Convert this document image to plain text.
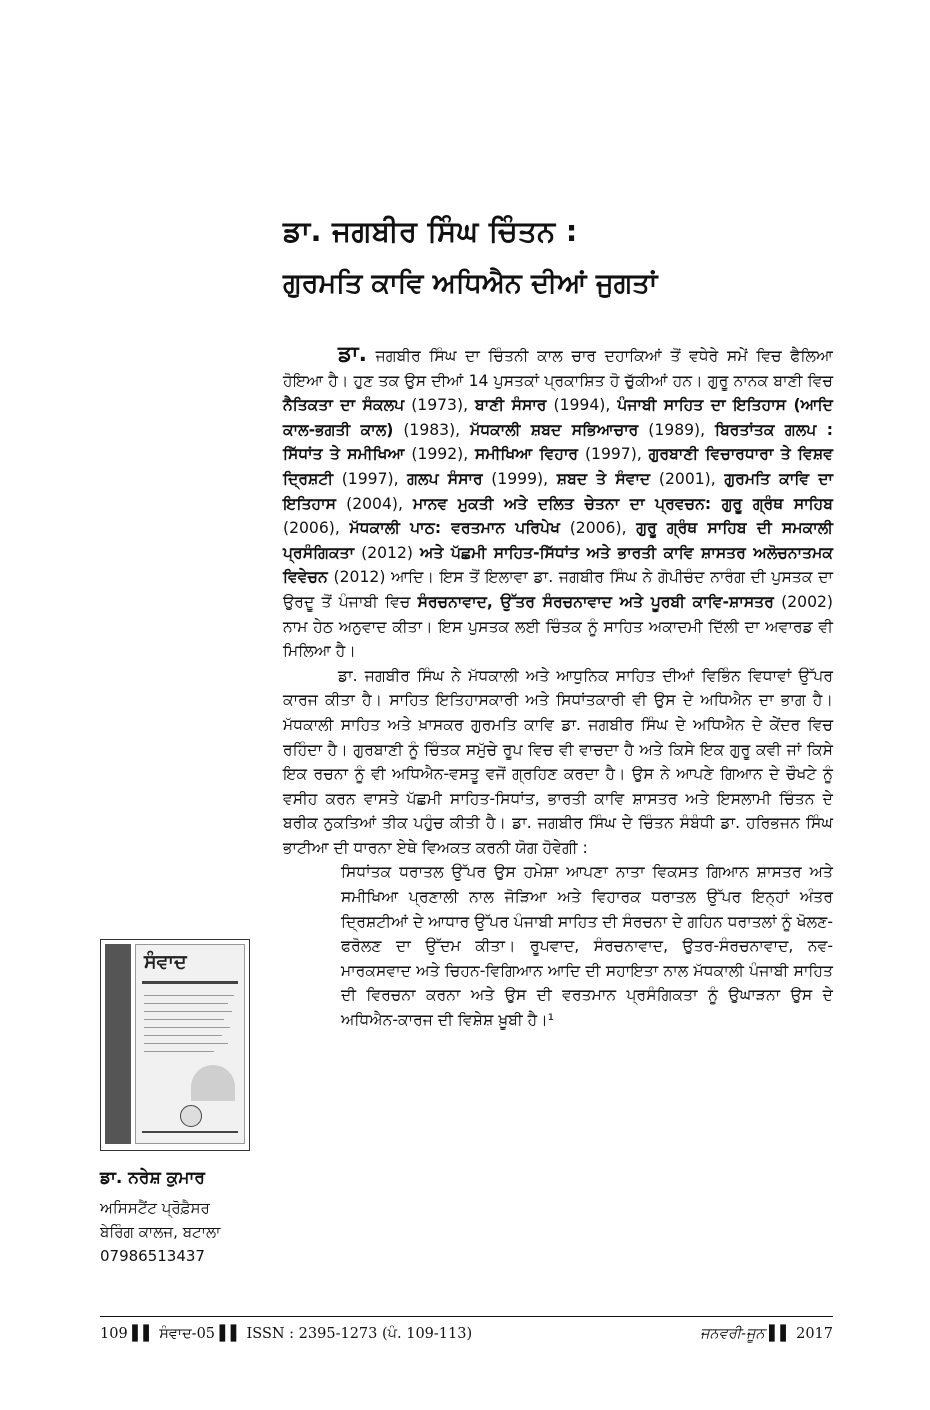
ਡਾ. ਜਗਬੀਰ ਸਿੰਘ ਚਿੰਤਨ :
ਗੁਰਮਤਿ ਕਾਵਿ ਅਧਿਐਨ ਦੀਆਂ ਜੁਗਤਾਂ

ਡਾ. ਜਗਬੀਰ ਸਿੰਘ ਦਾ ਚਿੰਤਨੀ ਕਾਲ ਚਾਰ ਦਹਾਕਿਆਂ ਤੋਂ ਵਧੇਰੇ ਸਮੇਂ ਵਿਚ ਫੈਲਿਆ ਹੋਇਆ ਹੈ। ਹੁਣ ਤਕ ਉਸ ਦੀਆਂ 14 ਪੁਸਤਕਾਂ ਪ੍ਰਕਾਸ਼ਿਤ ਹੋ ਚੁੱਕੀਆਂ ਹਨ। ਗੁਰੂ ਨਾਨਕ ਬਾਣੀ ਵਿਚ ਨੈਤਿਕਤਾ ਦਾ ਸੰਕਲਪ (1973), ਬਾਣੀ ਸੰਸਾਰ (1994), ਪੰਜਾਬੀ ਸਾਹਿਤ ਦਾ ਇਤਿਹਾਸ (ਆਦਿ ਕਾਲ-ਭਗਤੀ ਕਾਲ) (1983), ਮੱਧਕਾਲੀ ਸ਼ਬਦ ਸਭਿਆਚਾਰ (1989), ਬਿਰਤਾਂਤਕ ਗਲਪ : ਸਿੱਧਾਂਤ ਤੇ ਸਮੀਖਿਆ (1992), ਸਮੀਖਿਆ ਵਿਹਾਰ (1997), ਗੁਰਬਾਣੀ ਵਿਚਾਰਧਾਰਾ ਤੇ ਵਿਸ਼ਵ ਦ੍ਰਿਸ਼ਟੀ (1997), ਗਲਪ ਸੰਸਾਰ (1999), ਸ਼ਬਦ ਤੇ ਸੰਵਾਦ (2001), ਗੁਰਮਤਿ ਕਾਵਿ ਦਾ ਇਤਿਹਾਸ (2004), ਮਾਨਵ ਮੁਕਤੀ ਅਤੇ ਦਲਿਤ ਚੇਤਨਾ ਦਾ ਪ੍ਰਵਚਨ: ਗੁਰੂ ਗ੍ਰੰਥ ਸਾਹਿਬ (2006), ਮੱਧਕਾਲੀ ਪਾਠ: ਵਰਤਮਾਨ ਪਰਿਪੇਖ (2006), ਗੁਰੂ ਗ੍ਰੰਥ ਸਾਹਿਬ ਦੀ ਸਮਕਾਲੀ ਪ੍ਰਸੰਗਿਕਤਾ (2012) ਅਤੇ ਪੱਛਮੀ ਸਾਹਿਤ-ਸਿੱਧਾਂਤ ਅਤੇ ਭਾਰਤੀ ਕਾਵਿ ਸ਼ਾਸਤਰ ਅਲੋਚਨਾਤਮਕ ਵਿਵੇਚਨ (2012) ਆਦਿ। ਇਸ ਤੋਂ ਇਲਾਵਾ ਡਾ. ਜਗਬੀਰ ਸਿੰਘ ਨੇ ਗੋਪੀਚੰਦ ਨਾਰੰਗ ਦੀ ਪੁਸਤਕ ਦਾ ਉਰਦੂ ਤੋਂ ਪੰਜਾਬੀ ਵਿਚ ਸੰਰਚਨਾਵਾਦ, ਉੱਤਰ ਸੰਰਚਨਾਵਾਦ ਅਤੇ ਪੂਰਬੀ ਕਾਵਿ-ਸ਼ਾਸਤਰ (2002) ਨਾਮ ਹੇਠ ਅਨੁਵਾਦ ਕੀਤਾ। ਇਸ ਪੁਸਤਕ ਲਈ ਚਿੰਤਕ ਨੂੰ ਸਾਹਿਤ ਅਕਾਦਮੀ ਦਿੱਲੀ ਦਾ ਅਵਾਰਡ ਵੀ ਮਿਲਿਆ ਹੈ।

ਡਾ. ਜਗਬੀਰ ਸਿੰਘ ਨੇ ਮੱਧਕਾਲੀ ਅਤੇ ਆਧੁਨਿਕ ਸਾਹਿਤ ਦੀਆਂ ਵਿਭਿੰਨ ਵਿਧਾਵਾਂ ਉੱਪਰ ਕਾਰਜ ਕੀਤਾ ਹੈ। ਸਾਹਿਤ ਇਤਿਹਾਸਕਾਰੀ ਅਤੇ ਸਿਧਾਂਤਕਾਰੀ ਵੀ ਉਸ ਦੇ ਅਧਿਐਨ ਦਾ ਭਾਗ ਹੈ। ਮੱਧਕਾਲੀ ਸਾਹਿਤ ਅਤੇ ਖ਼ਾਸਕਰ ਗੁਰਮਤਿ ਕਾਵਿ ਡਾ. ਜਗਬੀਰ ਸਿੰਘ ਦੇ ਅਧਿਐਨ ਦੇ ਕੇਂਦਰ ਵਿਚ ਰਹਿੰਦਾ ਹੈ। ਗੁਰਬਾਣੀ ਨੂੰ ਚਿੰਤਕ ਸਮੁੱਚੇ ਰੂਪ ਵਿਚ ਵੀ ਵਾਚਦਾ ਹੈ ਅਤੇ ਕਿਸੇ ਇਕ ਗੁਰੂ ਕਵੀ ਜਾਂ ਕਿਸੇ ਇਕ ਰਚਨਾ ਨੂੰ ਵੀ ਅਧਿਐਨ-ਵਸਤੂ ਵਜੋਂ ਗ੍ਰਹਿਣ ਕਰਦਾ ਹੈ। ਉਸ ਨੇ ਆਪਣੇ ਗਿਆਨ ਦੇ ਚੌਖਟੇ ਨੂੰ ਵਸੀਹ ਕਰਨ ਵਾਸਤੇ ਪੱਛਮੀ ਸਾਹਿਤ-ਸਿਧਾਂਤ, ਭਾਰਤੀ ਕਾਵਿ ਸ਼ਾਸਤਰ ਅਤੇ ਇਸਲਾਮੀ ਚਿੰਤਨ ਦੇ ਬਰੀਕ ਨੁਕਤਿਆਂ ਤੀਕ ਪਹੁੰਚ ਕੀਤੀ ਹੈ। ਡਾ. ਜਗਬੀਰ ਸਿੰਘ ਦੇ ਚਿੰਤਨ ਸੰਬੰਧੀ ਡਾ. ਹਰਿਭਜਨ ਸਿੰਘ ਭਾਟੀਆ ਦੀ ਧਾਰਨਾ ਏਥੇ ਵਿਅਕਤ ਕਰਨੀ ਯੋਗ ਹੋਵੇਗੀ :

ਸਿਧਾਂਤਕ ਧਰਾਤਲ ਉੱਪਰ ਉਸ ਹਮੇਸ਼ਾ ਆਪਣਾ ਨਾਤਾ ਵਿਕਸਤ ਗਿਆਨ ਸ਼ਾਸਤਰ ਅਤੇ ਸਮੀਖਿਆ ਪ੍ਰਣਾਲੀ ਨਾਲ ਜੋੜਿਆ ਅਤੇ ਵਿਹਾਰਕ ਧਰਾਤਲ ਉੱਪਰ ਇਨ੍ਹਾਂ ਅੰਤਰ ਦ੍ਰਿਸ਼ਟੀਆਂ ਦੇ ਆਧਾਰ ਉੱਪਰ ਪੰਜਾਬੀ ਸਾਹਿਤ ਦੀ ਸੰਰਚਨਾ ਦੇ ਗਹਿਨ ਧਰਾਤਲਾਂ ਨੂੰ ਖੋਲਣ-ਫਰੋਲਣ ਦਾ ਉੱਦਮ ਕੀਤਾ। ਰੂਪਵਾਦ, ਸੰਰਚਨਾਵਾਦ, ਉਤਰ-ਸੰਰਚਨਾਵਾਦ, ਨਵ-ਮਾਰਕਸਵਾਦ ਅਤੇ ਚਿਹਨ-ਵਿਗਿਆਨ ਆਦਿ ਦੀ ਸਹਾਇਤਾ ਨਾਲ ਮੱਧਕਾਲੀ ਪੰਜਾਬੀ ਸਾਹਿਤ ਦੀ ਵਿਰਚਨਾ ਕਰਨਾ ਅਤੇ ਉਸ ਦੀ ਵਰਤਮਾਨ ਪ੍ਰਸੰਗਿਕਤਾ ਨੂੰ ਉਘਾੜਨਾ ਉਸ ਦੇ ਅਧਿਐਨ-ਕਾਰਜ ਦੀ ਵਿਸ਼ੇਸ਼ ਖ਼ੂਬੀ ਹੈ।¹
ਸੰਵਾਦ
ਡਾ. ਨਰੇਸ਼ ਕੁਮਾਰ
ਅਸਿਸਟੈਂਟ ਪ੍ਰੋਫ਼ੈਸਰ
ਬੇਰਿੰਗ ਕਾਲਜ, ਬਟਾਲਾ
07986513437
109 ▌▌ ਸੰਵਾਦ-05 ▌▌ ISSN : 2395-1273 (ਪੰ. 109-113)	ਜਨਵਰੀ-ਜੂਨ ▌▌ 2017
